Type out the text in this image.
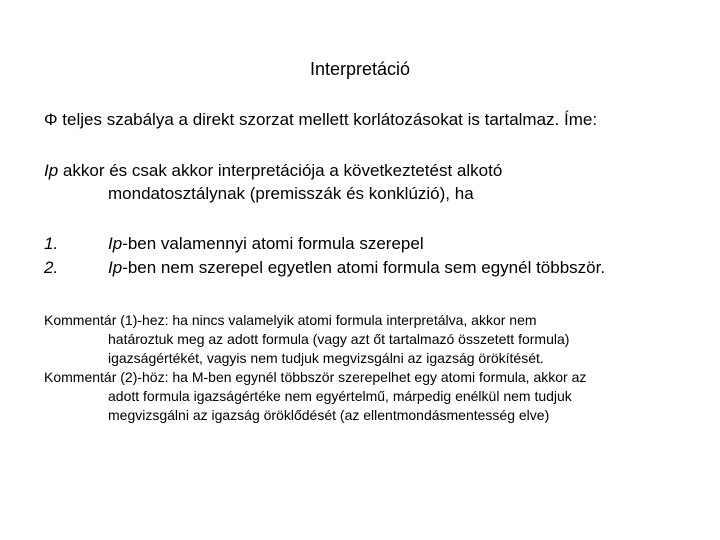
Interpretáció
Φ teljes szabálya a direkt szorzat mellett korlátozásokat is tartalmaz. Íme:
Ip akkor és csak akkor interpretációja a következtetést alkotó
mondatosztálynak (premisszák és konklúzió), ha
1.	Ip-ben valamennyi atomi formula szerepel
2.	Ip-ben nem szerepel egyetlen atomi formula sem egynél többször.
Kommentár (1)-hez: ha nincs valamelyik atomi formula interpretálva, akkor nem
határoztuk meg az adott formula (vagy azt őt tartalmazó összetett formula)
igazságértékét, vagyis nem tudjuk megvizsgálni az igazság örökítését.
Kommentár (2)-höz: ha M-ben egynél többször szerepelhet egy atomi formula, akkor az
adott formula igazságértéke nem egyértelmű, márpedig enélkül nem tudjuk
megvizsgálni az igazság öröklődését (az ellentmondásmentesség elve)
